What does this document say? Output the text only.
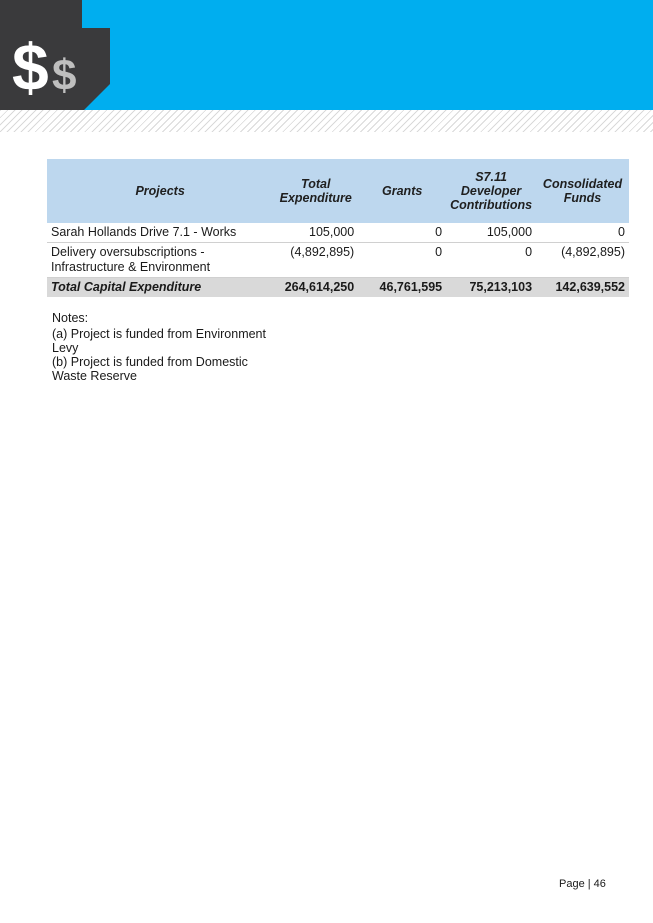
$ $
Projects	Total Expenditure	Grants	S7.11 Developer Contributions	Consolidated Funds
Sarah Hollands Drive 7.1 - Works	105,000	0	105,000	0
Delivery oversubscriptions - Infrastructure & Environment	(4,892,895)	0	0	(4,892,895)
Total Capital Expenditure	264,614,250	46,761,595	75,213,103	142,639,552
Notes:
(a) Project is funded from Environment Levy
(b) Project is funded from Domestic Waste Reserve
Page | 46
